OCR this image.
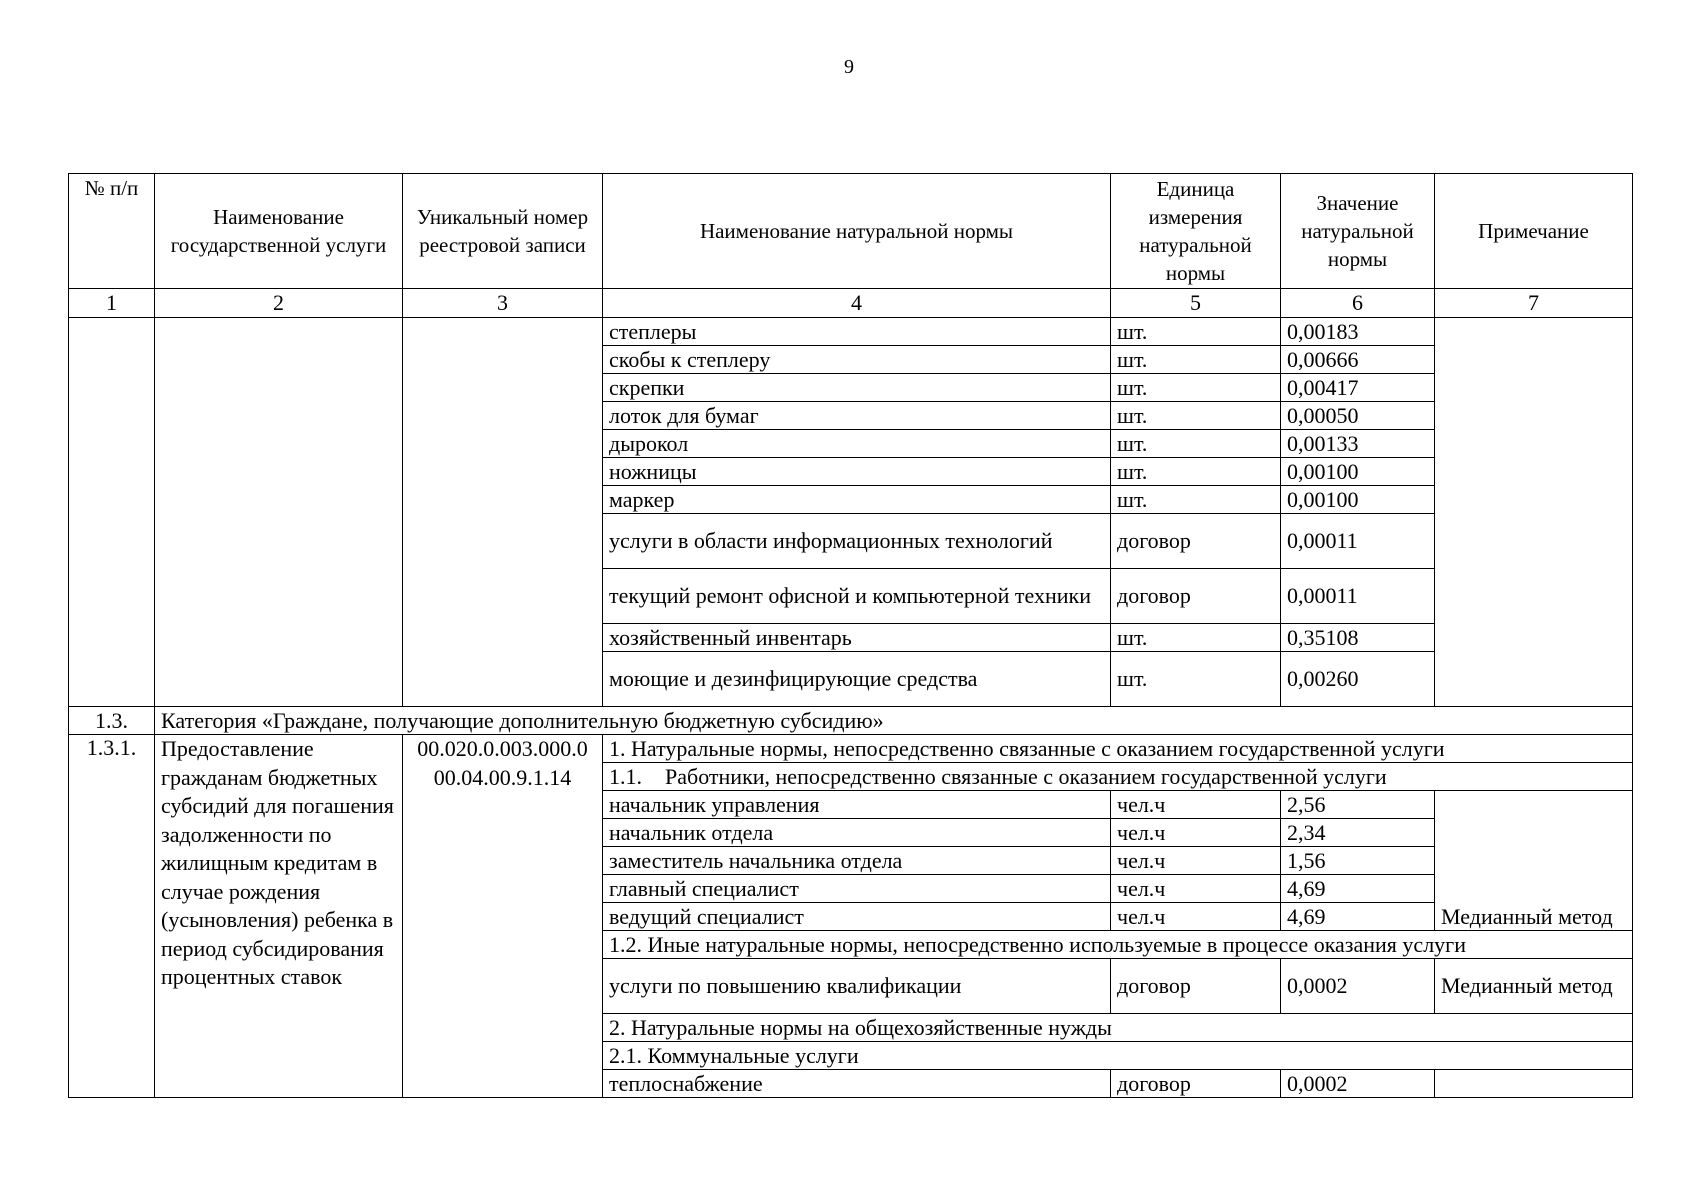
9
№ п/п	Наименование государственной услуги	Уникальный номер реестровой записи	Наименование натуральной нормы	Единица измерения натуральной нормы	Значение натуральной нормы	Примечание
1	2	3	4	5	6	7
			степлеры	шт.	0,00183	
			скобы к степлеру	шт.	0,00666	
			скрепки	шт.	0,00417	
			лоток для бумаг	шт.	0,00050	
			дырокол	шт.	0,00133	
			ножницы	шт.	0,00100	
			маркер	шт.	0,00100	
			услуги в области информационных технологий	договор	0,00011	
			текущий ремонт офисной и компьютерной техники	договор	0,00011	
			хозяйственный инвентарь	шт.	0,35108	
			моющие и дезинфицирующие средства	шт.	0,00260	
1.3.	Категория «Граждане, получающие дополнительную бюджетную субсидию»					
1.3.1.	Предоставление гражданам бюджетных субсидий для погашения задолженности по жилищным кредитам в случае рождения (усыновления) ребенка в период субсидирования процентных ставок	00.020.0.003.000.0 00.04.00.9.1.14	1. Натуральные нормы, непосредственно связанные с оказанием государственной услуги			
			1.1. Работники, непосредственно связанные с оказанием государственной услуги			
			начальник управления	чел.ч	2,56	Медианный метод
			начальник отдела	чел.ч	2,34	
			заместитель начальника отдела	чел.ч	1,56	
			главный специалист	чел.ч	4,69	
			ведущий специалист	чел.ч	4,69	
			1.2. Иные натуральные нормы, непосредственно используемые в процессе оказания услуги			
			услуги по повышению квалификации	договор	0,0002	Медианный метод
			2. Натуральные нормы на общехозяйственные нужды			
			2.1. Коммунальные услуги			
			теплоснабжение	договор	0,0002	
